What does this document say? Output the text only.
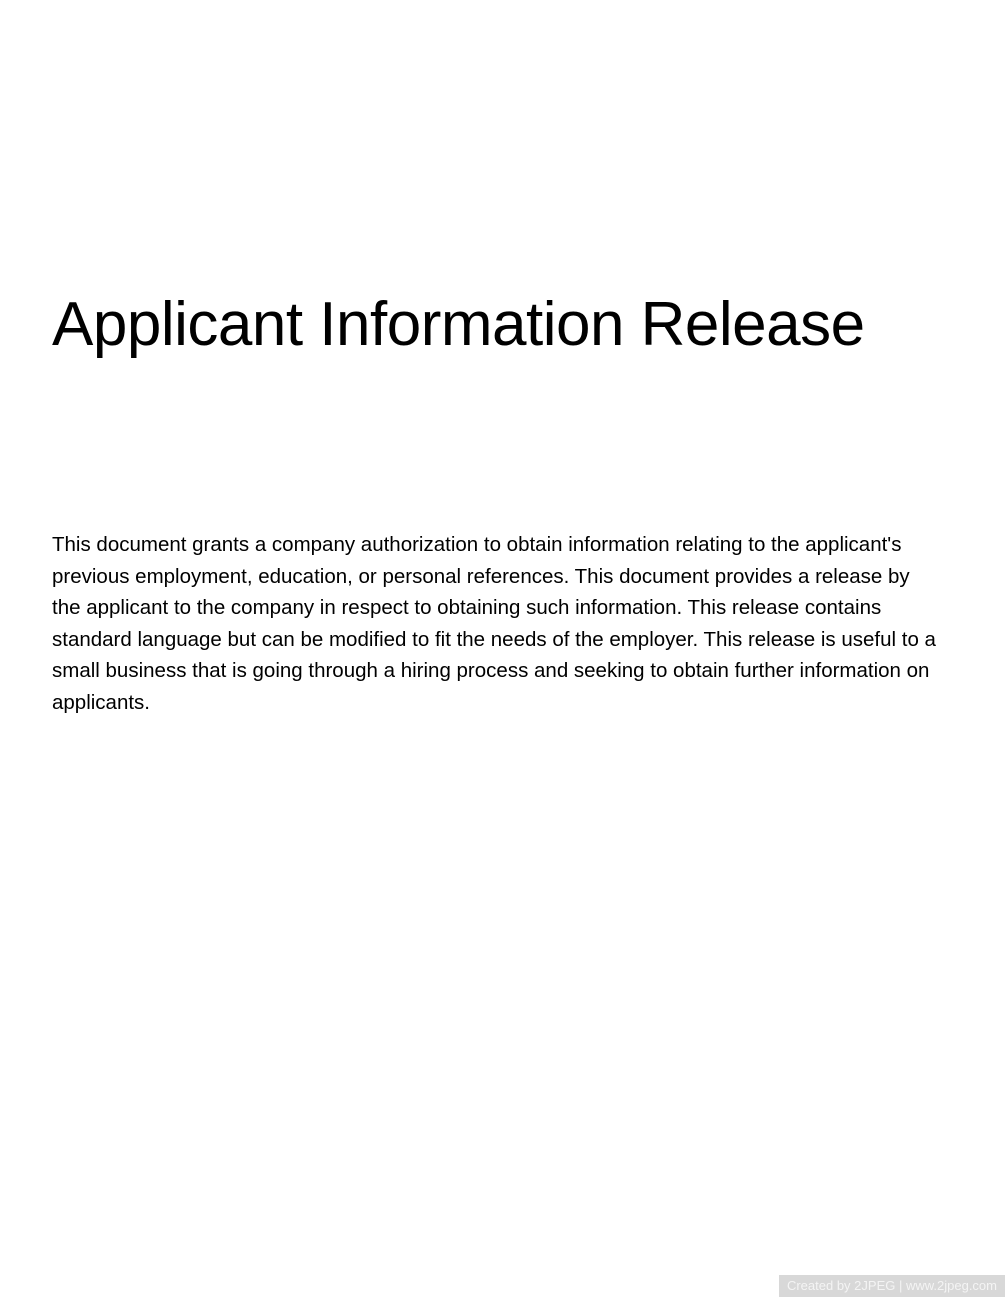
Applicant Information Release

This document grants a company authorization to obtain information relating to the applicant's previous employment, education, or personal references. This document provides a release by the applicant to the company in respect to obtaining such information. This release contains standard language but can be modified to fit the needs of the employer. This release is useful to a small business that is going through a hiring process and seeking to obtain further information on applicants.

Created by 2JPEG | www.2jpeg.com
